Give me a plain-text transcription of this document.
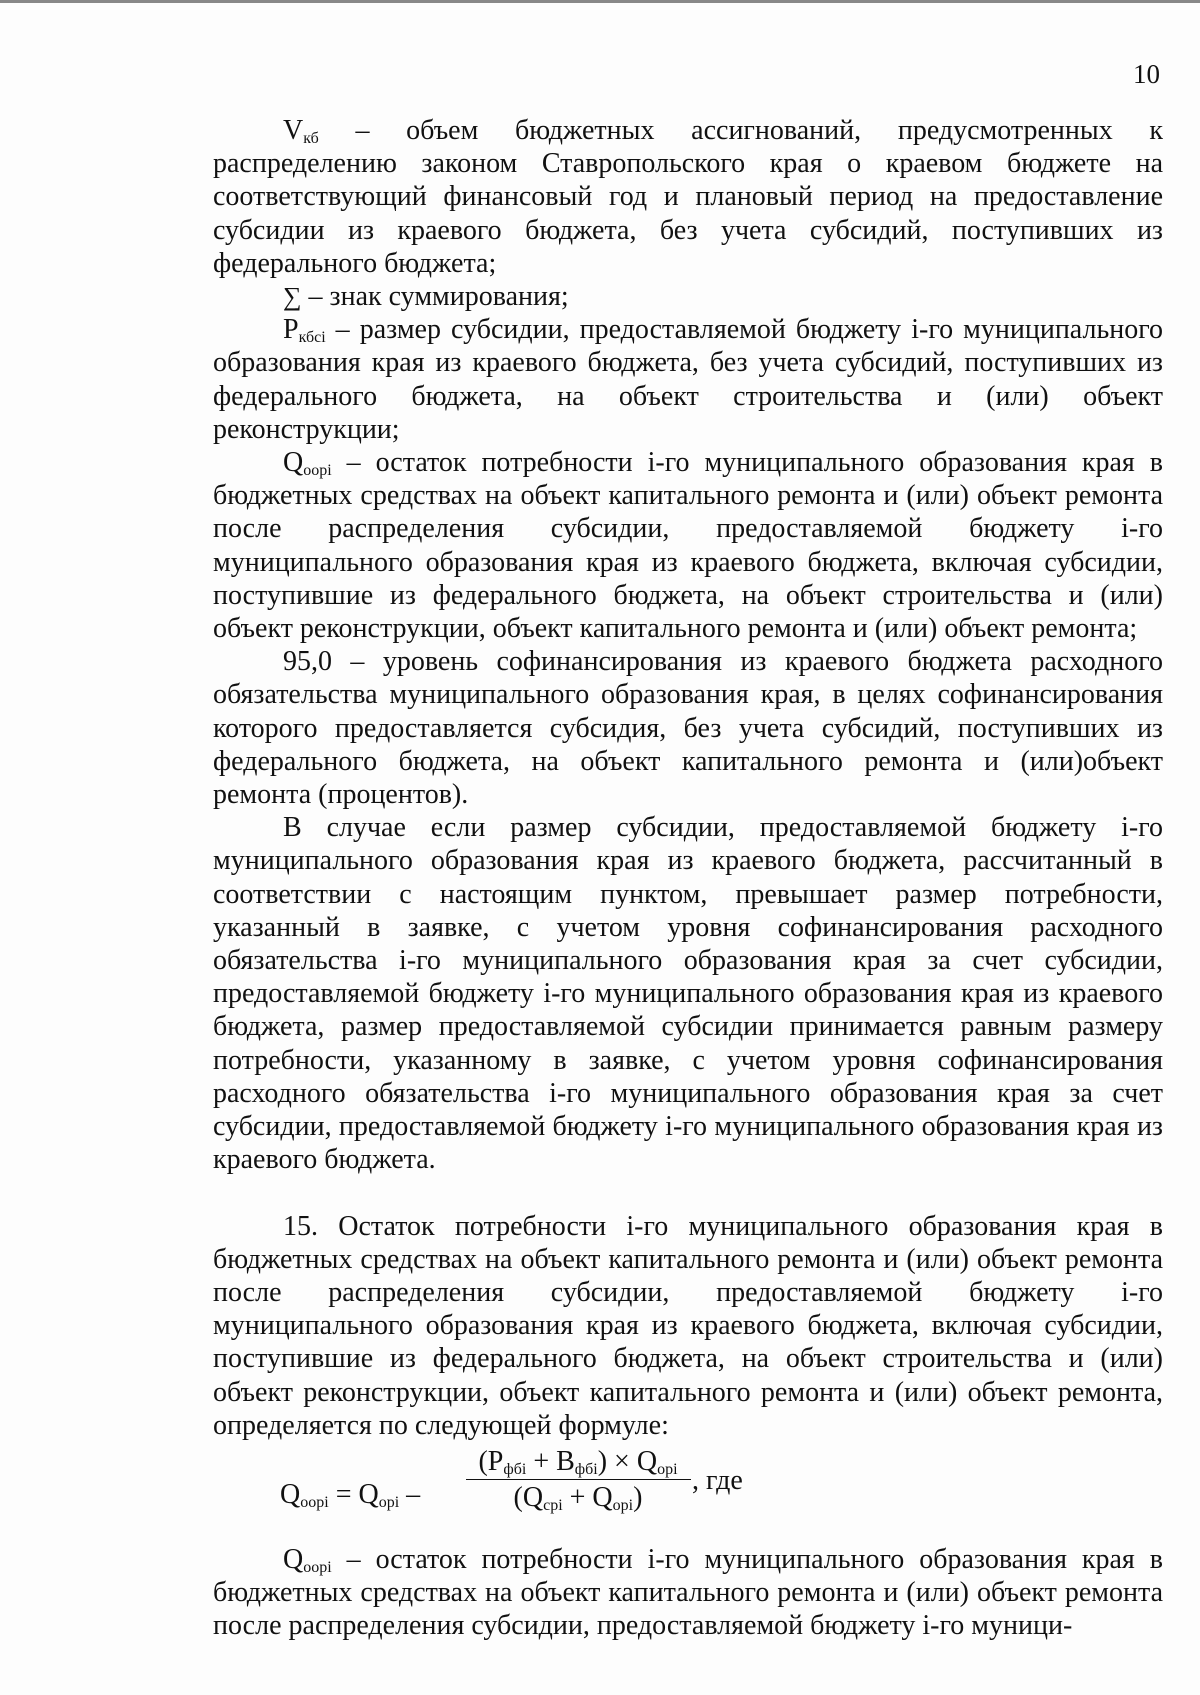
10

$V_{кб}$ – объем бюджетных ассигнований, предусмотренных к распределению законом Ставропольского края о краевом бюджете на соответствующий финансовый год и плановый период на предоставление субсидии из краевого бюджета, без учета субсидий, поступивших из федерального бюджета;

∑ – знак суммирования;

$P_{кбсi}$ – размер субсидии, предоставляемой бюджету i-го муниципального образования края из краевого бюджета, без учета субсидий, поступивших из федерального бюджета, на объект строительства и (или) объект реконструкции;

$Q_{оорi}$ – остаток потребности i-го муниципального образования края в бюджетных средствах на объект капитального ремонта и (или) объект ремонта после распределения субсидии, предоставляемой бюджету i-го муниципального образования края из краевого бюджета, включая субсидии, поступившие из федерального бюджета, на объект строительства и (или) объект реконструкции, объект капитального ремонта и (или) объект ремонта;

95,0 – уровень софинансирования из краевого бюджета расходного обязательства муниципального образования края, в целях софинансирования которого предоставляется субсидия, без учета субсидий, поступивших из федерального бюджета, на объект капитального ремонта и (или)объект ремонта (процентов).

В случае если размер субсидии, предоставляемой бюджету i-го муниципального образования края из краевого бюджета, рассчитанный в соответствии с настоящим пунктом, превышает размер потребности, указанный в заявке, с учетом уровня софинансирования расходного обязательства i-го муниципального образования края за счет субсидии, предоставляемой бюджету i-го муниципального образования края из краевого бюджета, размер предоставляемой субсидии принимается равным размеру потребности, указанному в заявке, с учетом уровня софинансирования расходного обязательства i-го муниципального образования края за счет субсидии, предоставляемой бюджету i-го муниципального образования края из краевого бюджета.

15. Остаток потребности i-го муниципального образования края в бюджетных средствах на объект капитального ремонта и (или) объект ремонта после распределения субсидии, предоставляемой бюджету i-го муниципального образования края из краевого бюджета, включая субсидии, поступившие из федерального бюджета, на объект строительства и (или) объект реконструкции, объект капитального ремонта и (или) объект ремонта, определяется по следующей формуле:

$Q_{оорi} = Q_{орi}$ –
$(P_{фбi} + B_{фбi}) \times Q_{орi}$
$(Q_{срi} + Q_{орi})$
, где

$Q_{оорi}$ – остаток потребности i-го муниципального образования края в бюджетных средствах на объект капитального ремонта и (или) объект ремонта после распределения субсидии, предоставляемой бюджету i-го муници-
